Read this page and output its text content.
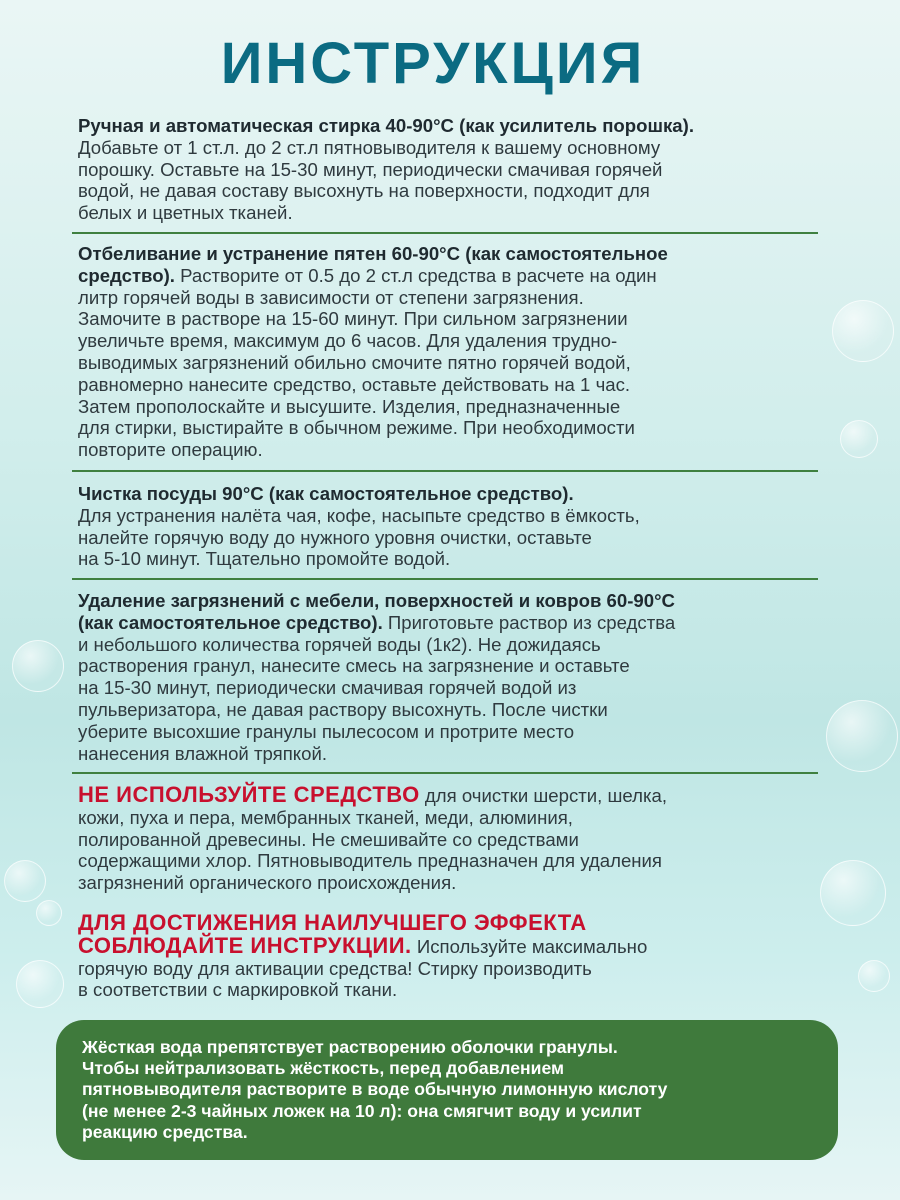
ИНСТРУКЦИЯ
Ручная и автоматическая стирка 40-90°С (как усилитель порошка).
Добавьте от 1 ст.л. до 2 ст.л пятновыводителя к вашему основному
порошку. Оставьте на 15-30 минут, периодически смачивая горячей
водой, не давая составу высохнуть на поверхности, подходит для
белых и цветных тканей.
Отбеливание и устранение пятен 60-90°С (как самостоятельное
средство). Растворите от 0.5 до 2 ст.л средства в расчете на один
литр горячей воды в зависимости от степени загрязнения.
Замочите в растворе на 15-60 минут. При сильном загрязнении
увеличьте время, максимум до 6 часов. Для удаления трудно-
выводимых загрязнений обильно смочите пятно горячей водой,
равномерно нанесите средство, оставьте действовать на 1 час.
Затем прополоскайте и высушите. Изделия, предназначенные
для стирки, выстирайте в обычном режиме. При необходимости
повторите операцию.
Чистка посуды 90°С (как самостоятельное средство).
Для устранения налёта чая, кофе, насыпьте средство в ёмкость,
налейте горячую воду до нужного уровня очистки, оставьте
на 5-10 минут. Тщательно промойте водой.
Удаление загрязнений с мебели, поверхностей и ковров 60-90°С
(как самостоятельное средство). Приготовьте раствор из средства
и небольшого количества горячей воды (1к2). Не дожидаясь
растворения гранул, нанесите смесь на загрязнение и оставьте
на 15-30 минут, периодически смачивая горячей водой из
пульверизатора, не давая раствору высохнуть. После чистки
уберите высохшие гранулы пылесосом и протрите место
нанесения влажной тряпкой.
НЕ ИСПОЛЬЗУЙТЕ СРЕДСТВО для очистки шерсти, шелка,
кожи, пуха и пера, мембранных тканей, меди, алюминия,
полированной древесины. Не смешивайте со средствами
содержащими хлор. Пятновыводитель предназначен для удаления
загрязнений органического происхождения.
ДЛЯ ДОСТИЖЕНИЯ НАИЛУЧШЕГО ЭФФЕКТА
СОБЛЮДАЙТЕ ИНСТРУКЦИИ. Используйте максимально
горячую воду для активации средства! Стирку производить
в соответствии с маркировкой ткани.
Жёсткая вода препятствует растворению оболочки гранулы.
Чтобы нейтрализовать жёсткость, перед добавлением
пятновыводителя растворите в воде обычную лимонную кислоту
(не менее 2-3 чайных ложек на 10 л): она смягчит воду и усилит
реакцию средства.
